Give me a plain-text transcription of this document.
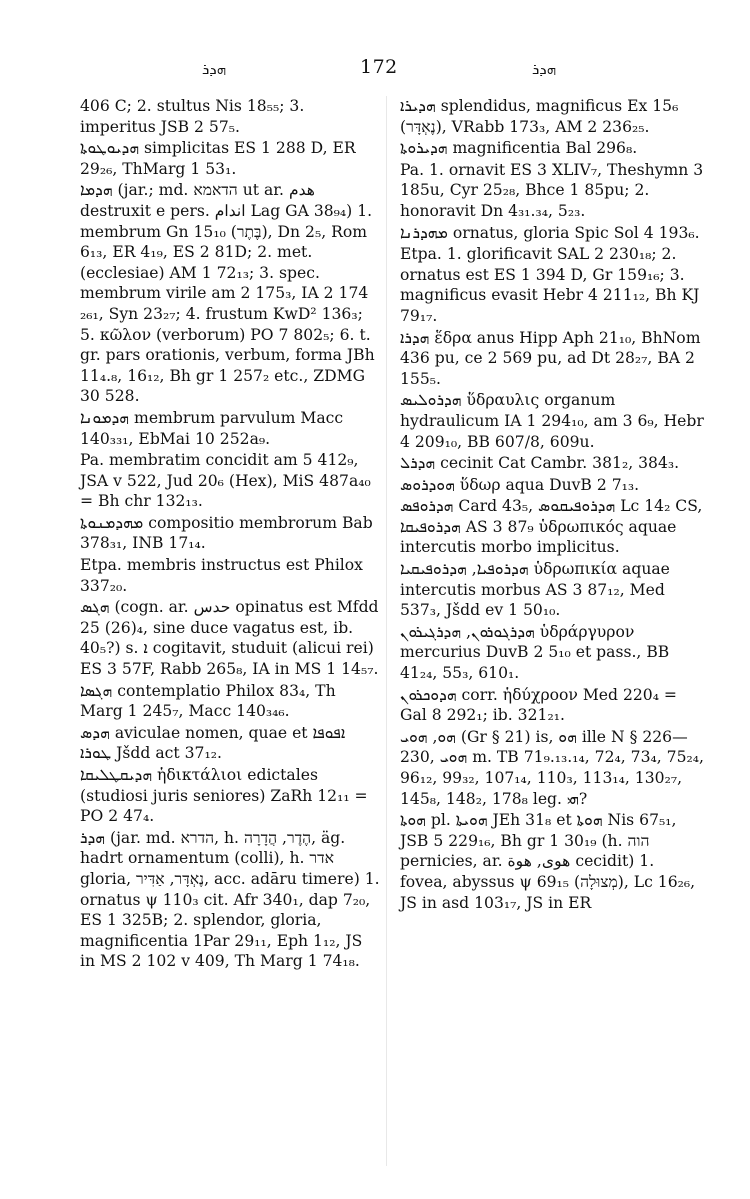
ܗܕܪ	172	ܗܕܪ

406 C; 2. stultus Nis 18₅₅; 3. imperitus JSB 2 57₅.

ܗܕܝܘܛܘܬܐ simplicitas ES 1 288 D, ER 29₂₆, ThMarg 1 53₁.

ܗܕܡܐ (jar.; md. הדאמא ut ar. هدم destruxit e pers. اندام Lag GA 38₉₄) 1. membrum Gn 15₁₀ (בֶּתֶר), Dn 2₅, Rom 6₁₃, ER 4₁₉, ES 2 81D; 2. met. (ecclesiae) AM 1 72₁₃; 3. spec. membrum virile am 2 175₃, IA 2 174 ₂₆₁, Syn 23₂₇; 4. frustum KwD² 136₃; 5. κῶλον (verborum) PO 7 802₅; 6. t. gr. pars orationis, verbum, forma JBh 11₄.₈, 16₁₂, Bh gr 1 257₂ etc., ZDMG 30 528.

ܗܕܡܘܢܐ membrum parvulum Macc 140₃₃₁, EbMai 10 252a₉.

Pa. membratim concidit am 5 412₉, JSA v 522, Jud 20₆ (Hex), MiS 487a₄₀ = Bh chr 132₁₃.

ܡܗܕܡܢܘܬܐ compositio membrorum Bab 378₃₁, INB 17₁₄.

Etpa. membris instructus est Philox 337₂₀.

ܗܓܣ (cogn. ar. حدس opinatus est Mfdd 25 (26)₄, sine duce vagatus est, ib. 40₅?) s. ܐ cogitavit, studuit (alicui rei) ES 3 57F, Rabb 265₈, IA in MS 1 14₅₇.

ܗܓܣܐ contemplatio Philox 83₄, Th Marg 1 245₇, Macc 140₃₄₆.

ܗܕܣ aviculae nomen, quae et ܐܦܘܦܐ ܛܘܪܐ Jšdd act 37₁₂.

ܗܕܝܩܛܠܝܩܐ ἡδικτάλιοι edictales (studiosi juris seniores) ZaRh 12₁₁ = PO 2 47₄.

ܗܕܪ (jar. md. הדרא, h. הֶדֶר, הֲדָרָה, äg. hadrt ornamentum (colli), h. אדר gloria, נֶאְדָּר, אַדִּיר, acc. adāru timere) 1. ornatus ψ 110₃ cit. Afr 340₁, dap 7₂₀, ES 1 325B; 2. splendor, gloria, magnificentia 1Par 29₁₁, Eph 1₁₂, JS in MS 2 102 v 409, Th Marg 1 74₁₈.

ܗܕܝܪܐ splendidus, magnificus Ex 15₆ (נֶאְדָּר), VRabb 173₃, AM 2 236₂₅.

ܗܕܝܪܘܬܐ magnificentia Bal 296₈.

Pa. 1. ornavit ES 3 XLIV₇, Theshymn 3 185u, Cyr 25₂₈, Bhce 1 85pu; 2. honoravit Dn 4₃₁.₃₄, 5₂₃.

ܡܗܕܪܢܐ ornatus, gloria Spic Sol 4 193₆.

Etpa. 1. glorificavit SAL 2 230₁₈; 2. ornatus est ES 1 394 D, Gr 159₁₆; 3. magnificus evasit Hebr 4 211₁₂, Bh KJ 79₁₇.

ܗܕܪܐ ἕδρα anus Hipp Aph 21₁₀, BhNom 436 pu, ce 2 569 pu, ad Dt 28₂₇, BA 2 155₅.

ܗܕܪܘܠܝܣ ὕδραυλις organum hydraulicum IA 1 294₁₀, am 3 6₉, Hebr 4 209₁₀, BB 607/8, 609u.

ܗܕܪܠ cecinit Cat Cambr. 381₂, 384₃.

ܗܘܕܪܘܣ ὕδωρ aqua DuvB 2 7₁₃.

ܗܕܪܘܦܣ Card 43₅, ܗܕܪܘܦܝܩܘܣ Lc 14₂ CS, ܗܕܪܘܦܝܩܐ AS 3 87₉ ὑδρωπικός aquae intercutis morbo implicitus.

ܗܕܪܘܦܝܐ, ܗܕܪܘܦܝܩܝܐ ὑδρωπικία aquae intercutis morbus AS 3 87₁₂, Med 537₃, Jšdd ev 1 50₁₀.

ܗܕܪܓܘܪܘܢ, ܗܕܪܓܝܪܘܢ ὑδράργυρον mercurius DuvB 2 5₁₀ et pass., BB 41₂₄, 55₃, 610₁.

ܗܕܘܟܪܘܢ corr. ἡδύχροον Med 220₄ = Gal 8 292₁; ib. 321₂₁.

ܗܘ, ܗܘܝ (Gr § 21) is, ܗܘ ille N § 226—230, ܗܘܝ m. TB 71₉.₁₃.₁₄, 72₄, 73₄, 75₂₄, 96₁₂, 99₃₂, 107₁₄, 110₃, 113₁₄, 130₂₇, 145₈, 148₂, 178₈ leg. ܗܝ?

ܗܘܬܐ pl. ܗܘܝܬܐ JEh 31₈ et ܗܘܬܐ Nis 67₅₁, JSB 5 229₁₆, Bh gr 1 30₁₉ (h. הוה pernicies, ar. هوى, هوة cecidit) 1. fovea, abyssus ψ 69₁₅ (מְצוּלָה), Lc 16₂₆, JS in asd 103₁₇, JS in ER
